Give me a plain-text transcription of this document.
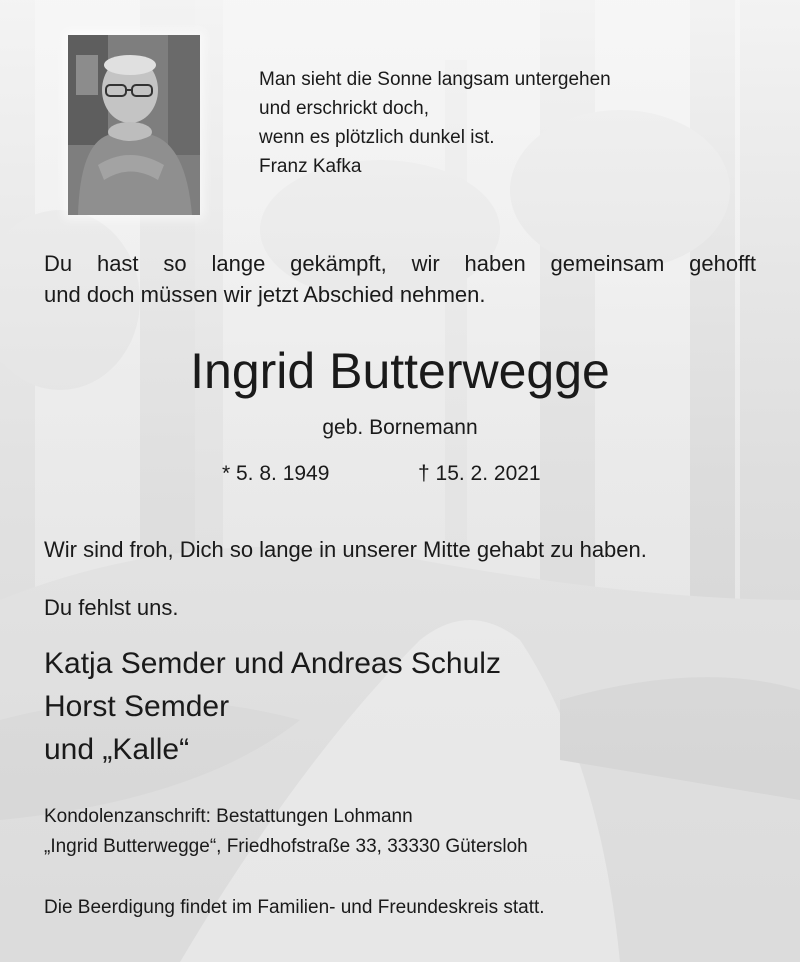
Man sieht die Sonne langsam untergehen
und erschrickt doch,
wenn es plötzlich dunkel ist.
Franz Kafka
Du hast so lange gekämpft, wir haben gemeinsam gehofft
und doch müssen wir jetzt Abschied nehmen.
Ingrid Butterwegge
geb. Bornemann
* 5. 8. 1949	† 15. 2. 2021
Wir sind froh, Dich so lange in unserer Mitte gehabt zu haben.
Du fehlst uns.
Katja Semder und Andreas Schulz
Horst Semder
und „Kalle“
Kondolenzanschrift: Bestattungen Lohmann
„Ingrid Butterwegge“, Friedhofstraße 33, 33330 Gütersloh
Die Beerdigung findet im Familien- und Freundeskreis statt.
